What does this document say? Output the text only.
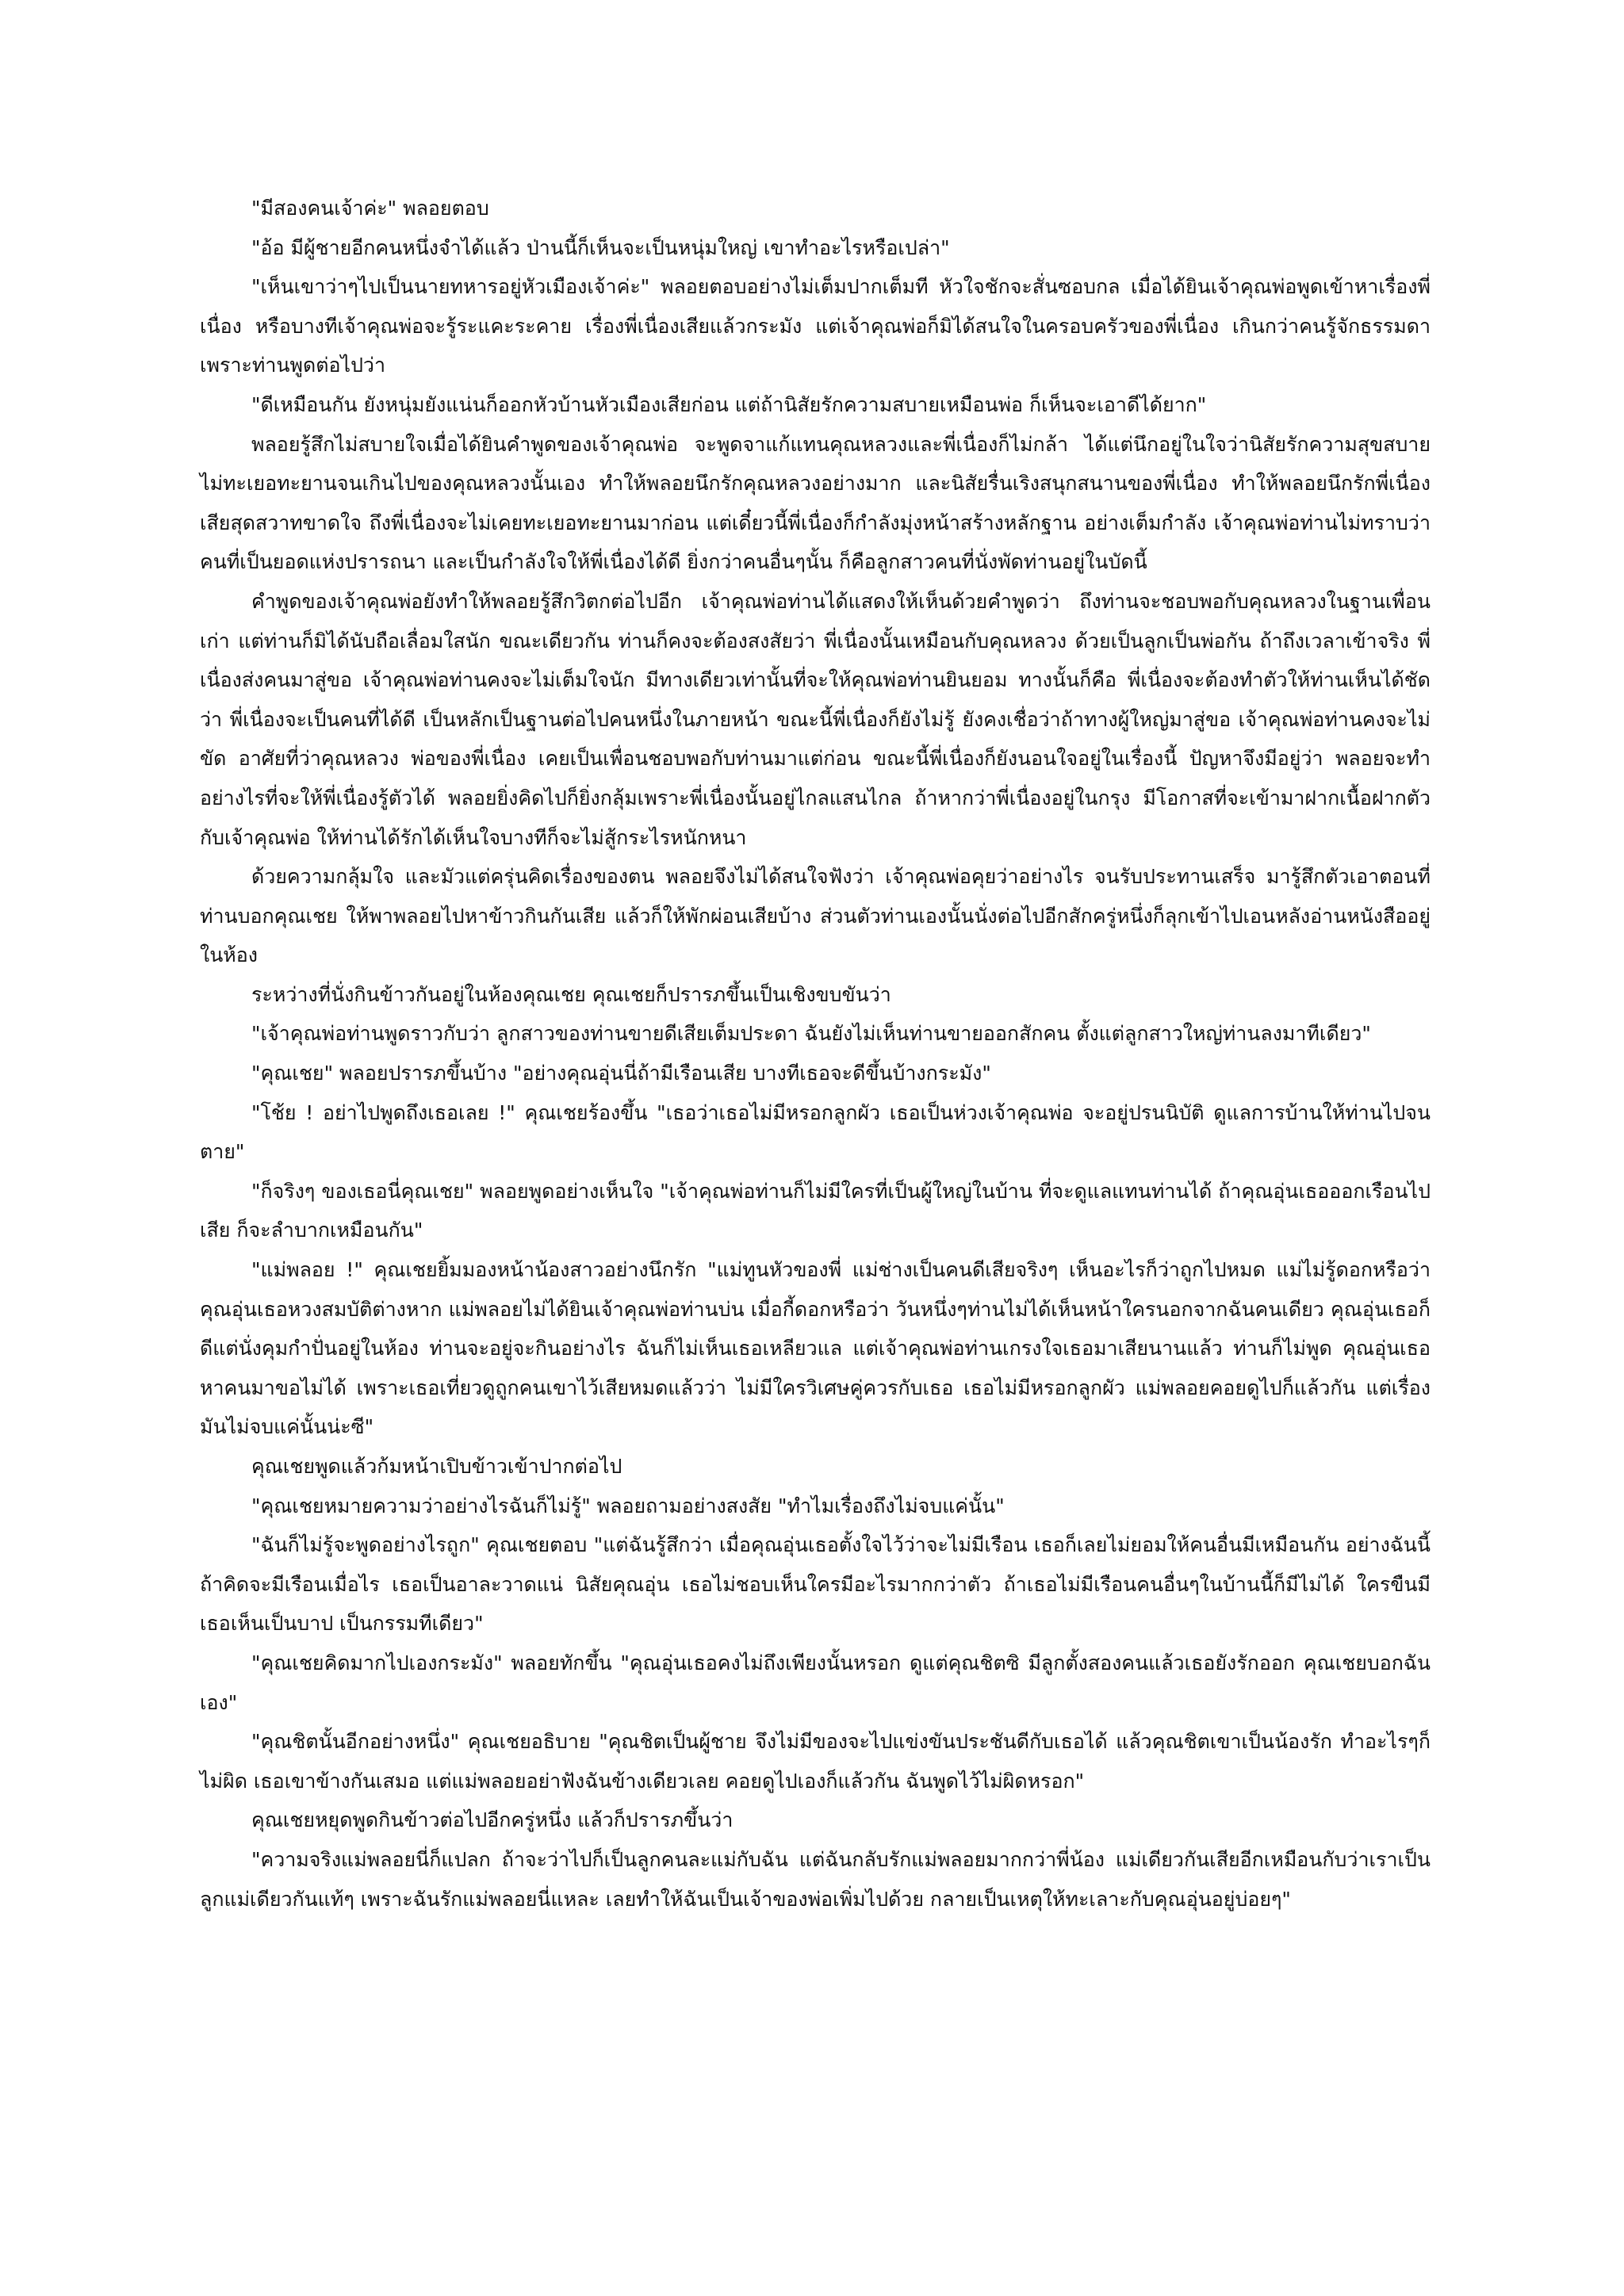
"มีสองคนเจ้าค่ะ" พลอยตอบ

"อ้อ มีผู้ชายอีกคนหนึ่งจำได้แล้ว ป่านนี้ก็เห็นจะเป็นหนุ่มใหญ่ เขาทำอะไรหรือเปล่า"

"เห็นเขาว่าๆไปเป็นนายทหารอยู่หัวเมืองเจ้าค่ะ" พลอยตอบอย่างไม่เต็มปากเต็มที หัวใจชักจะสั่นซอบกล เมื่อได้ยินเจ้าคุณพ่อพูดเข้าหาเรื่องพี่เนื่อง หรือบางทีเจ้าคุณพ่อจะรู้ระแคะระคาย เรื่องพี่เนื่องเสียแล้วกระมัง แต่เจ้าคุณพ่อก็มิได้สนใจในครอบครัวของพี่เนื่อง เกินกว่าคนรู้จักธรรมดา เพราะท่านพูดต่อไปว่า

"ดีเหมือนกัน ยังหนุ่มยังแน่นก็ออกหัวบ้านหัวเมืองเสียก่อน แต่ถ้านิสัยรักความสบายเหมือนพ่อ ก็เห็นจะเอาดีได้ยาก"

พลอยรู้สึกไม่สบายใจเมื่อได้ยินคำพูดของเจ้าคุณพ่อ จะพูดจาแก้แทนคุณหลวงและพี่เนื่องก็ไม่กล้า ได้แต่นึกอยู่ในใจว่านิสัยรักความสุขสบาย ไม่ทะเยอทะยานจนเกินไปของคุณหลวงนั้นเอง ทำให้พลอยนึกรักคุณหลวงอย่างมาก และนิสัยรื่นเริงสนุกสนานของพี่เนื่อง ทำให้พลอยนึกรักพี่เนื่อง เสียสุดสวาทขาดใจ ถึงพี่เนื่องจะไม่เคยทะเยอทะยานมาก่อน แต่เดี๋ยวนี้พี่เนื่องก็กำลังมุ่งหน้าสร้างหลักฐาน อย่างเต็มกำลัง เจ้าคุณพ่อท่านไม่ทราบว่า คนที่เป็นยอดแห่งปรารถนา และเป็นกำลังใจให้พี่เนื่องได้ดี ยิ่งกว่าคนอื่นๆนั้น ก็คือลูกสาวคนที่นั่งพัดท่านอยู่ในบัดนี้

คำพูดของเจ้าคุณพ่อยังทำให้พลอยรู้สึกวิตกต่อไปอีก เจ้าคุณพ่อท่านได้แสดงให้เห็นด้วยคำพูดว่า ถึงท่านจะชอบพอกับคุณหลวงในฐานเพื่อนเก่า แต่ท่านก็มิได้นับถือเลื่อมใสนัก ขณะเดียวกัน ท่านก็คงจะต้องสงสัยว่า พี่เนื่องนั้นเหมือนกับคุณหลวง ด้วยเป็นลูกเป็นพ่อกัน ถ้าถึงเวลาเข้าจริง พี่เนื่องส่งคนมาสู่ขอ เจ้าคุณพ่อท่านคงจะไม่เต็มใจนัก มีทางเดียวเท่านั้นที่จะให้คุณพ่อท่านยินยอม ทางนั้นก็คือ พี่เนื่องจะต้องทำตัวให้ท่านเห็นได้ชัดว่า พี่เนื่องจะเป็นคนที่ได้ดี เป็นหลักเป็นฐานต่อไปคนหนึ่งในภายหน้า ขณะนี้พี่เนื่องก็ยังไม่รู้ ยังคงเชื่อว่าถ้าทางผู้ใหญ่มาสู่ขอ เจ้าคุณพ่อท่านคงจะไม่ขัด อาศัยที่ว่าคุณหลวง พ่อของพี่เนื่อง เคยเป็นเพื่อนชอบพอกับท่านมาแต่ก่อน ขณะนี้พี่เนื่องก็ยังนอนใจอยู่ในเรื่องนี้ ปัญหาจึงมีอยู่ว่า พลอยจะทำอย่างไรที่จะให้พี่เนื่องรู้ตัวได้ พลอยยิ่งคิดไปก็ยิ่งกลุ้มเพราะพี่เนื่องนั้นอยู่ไกลแสนไกล ถ้าหากว่าพี่เนื่องอยู่ในกรุง มีโอกาสที่จะเข้ามาฝากเนื้อฝากตัวกับเจ้าคุณพ่อ ให้ท่านได้รักได้เห็นใจบางทีก็จะไม่สู้กระไรหนักหนา

ด้วยความกลุ้มใจ และมัวแต่ครุ่นคิดเรื่องของตน พลอยจึงไม่ได้สนใจฟังว่า เจ้าคุณพ่อคุยว่าอย่างไร จนรับประทานเสร็จ มารู้สึกตัวเอาตอนที่ท่านบอกคุณเชย ให้พาพลอยไปหาข้าวกินกันเสีย แล้วก็ให้พักผ่อนเสียบ้าง ส่วนตัวท่านเองนั้นนั่งต่อไปอีกสักครู่หนึ่งก็ลุกเข้าไปเอนหลังอ่านหนังสืออยู่ในห้อง

ระหว่างที่นั่งกินข้าวกันอยู่ในห้องคุณเชย คุณเชยก็ปรารภขึ้นเป็นเชิงขบขันว่า

"เจ้าคุณพ่อท่านพูดราวกับว่า ลูกสาวของท่านขายดีเสียเต็มประดา ฉันยังไม่เห็นท่านขายออกสักคน ตั้งแต่ลูกสาวใหญ่ท่านลงมาทีเดียว"

"คุณเชย" พลอยปรารภขึ้นบ้าง "อย่างคุณอุ่นนี่ถ้ามีเรือนเสีย บางทีเธอจะดีขึ้นบ้างกระมัง"

"โช้ย ! อย่าไปพูดถึงเธอเลย !" คุณเชยร้องขึ้น "เธอว่าเธอไม่มีหรอกลูกผัว เธอเป็นห่วงเจ้าคุณพ่อ จะอยู่ปรนนิบัติ ดูแลการบ้านให้ท่านไปจนตาย"

"ก็จริงๆ ของเธอนี่คุณเชย" พลอยพูดอย่างเห็นใจ "เจ้าคุณพ่อท่านก็ไม่มีใครที่เป็นผู้ใหญ่ในบ้าน ที่จะดูแลแทนท่านได้ ถ้าคุณอุ่นเธอออกเรือนไปเสีย ก็จะลำบากเหมือนกัน"

"แม่พลอย !" คุณเชยยิ้มมองหน้าน้องสาวอย่างนึกรัก "แม่ทูนหัวของพี่ แม่ช่างเป็นคนดีเสียจริงๆ เห็นอะไรก็ว่าถูกไปหมด แม่ไม่รู้ดอกหรือว่า คุณอุ่นเธอหวงสมบัติต่างหาก แม่พลอยไม่ได้ยินเจ้าคุณพ่อท่านบ่น เมื่อกี้ดอกหรือว่า วันหนึ่งๆท่านไม่ได้เห็นหน้าใครนอกจากฉันคนเดียว คุณอุ่นเธอก็ดีแต่นั่งคุมกำปั่นอยู่ในห้อง ท่านจะอยู่จะกินอย่างไร ฉันก็ไม่เห็นเธอเหลียวแล แต่เจ้าคุณพ่อท่านเกรงใจเธอมาเสียนานแล้ว ท่านก็ไม่พูด คุณอุ่นเธอหาคนมาขอไม่ได้ เพราะเธอเที่ยวดูถูกคนเขาไว้เสียหมดแล้วว่า ไม่มีใครวิเศษคู่ควรกับเธอ เธอไม่มีหรอกลูกผัว แม่พลอยคอยดูไปก็แล้วกัน แต่เรื่องมันไม่จบแค่นั้นน่ะซี"

คุณเชยพูดแล้วก้มหน้าเปิบข้าวเข้าปากต่อไป

"คุณเชยหมายความว่าอย่างไรฉันก็ไม่รู้" พลอยถามอย่างสงสัย "ทำไมเรื่องถึงไม่จบแค่นั้น"

"ฉันก็ไม่รู้จะพูดอย่างไรถูก" คุณเชยตอบ "แต่ฉันรู้สึกว่า เมื่อคุณอุ่นเธอตั้งใจไว้ว่าจะไม่มีเรือน เธอก็เลยไม่ยอมให้คนอื่นมีเหมือนกัน อย่างฉันนี้ถ้าคิดจะมีเรือนเมื่อไร เธอเป็นอาละวาดแน่ นิสัยคุณอุ่น เธอไม่ชอบเห็นใครมีอะไรมากกว่าตัว ถ้าเธอไม่มีเรือนคนอื่นๆในบ้านนี้ก็มีไม่ได้ ใครขืนมี เธอเห็นเป็นบาป เป็นกรรมทีเดียว"

"คุณเชยคิดมากไปเองกระมัง" พลอยทักขึ้น "คุณอุ่นเธอคงไม่ถึงเพียงนั้นหรอก ดูแต่คุณชิตซิ มีลูกตั้งสองคนแล้วเธอยังรักออก คุณเชยบอกฉันเอง"

"คุณชิตนั้นอีกอย่างหนึ่ง" คุณเชยอธิบาย "คุณชิตเป็นผู้ชาย จึงไม่มีของจะไปแข่งขันประชันดีกับเธอได้ แล้วคุณชิตเขาเป็นน้องรัก ทำอะไรๆก็ไม่ผิด เธอเขาข้างกันเสมอ แต่แม่พลอยอย่าฟังฉันข้างเดียวเลย คอยดูไปเองก็แล้วกัน ฉันพูดไว้ไม่ผิดหรอก"

คุณเชยหยุดพูดกินข้าวต่อไปอีกครู่หนึ่ง แล้วก็ปรารภขึ้นว่า

"ความจริงแม่พลอยนี่ก็แปลก ถ้าจะว่าไปก็เป็นลูกคนละแม่กับฉัน แต่ฉันกลับรักแม่พลอยมากกว่าพี่น้อง แม่เดียวกันเสียอีกเหมือนกับว่าเราเป็นลูกแม่เดียวกันแท้ๆ เพราะฉันรักแม่พลอยนี่แหละ เลยทำให้ฉันเป็นเจ้าของพ่อเพิ่มไปด้วย กลายเป็นเหตุให้ทะเลาะกับคุณอุ่นอยู่บ่อยๆ"
